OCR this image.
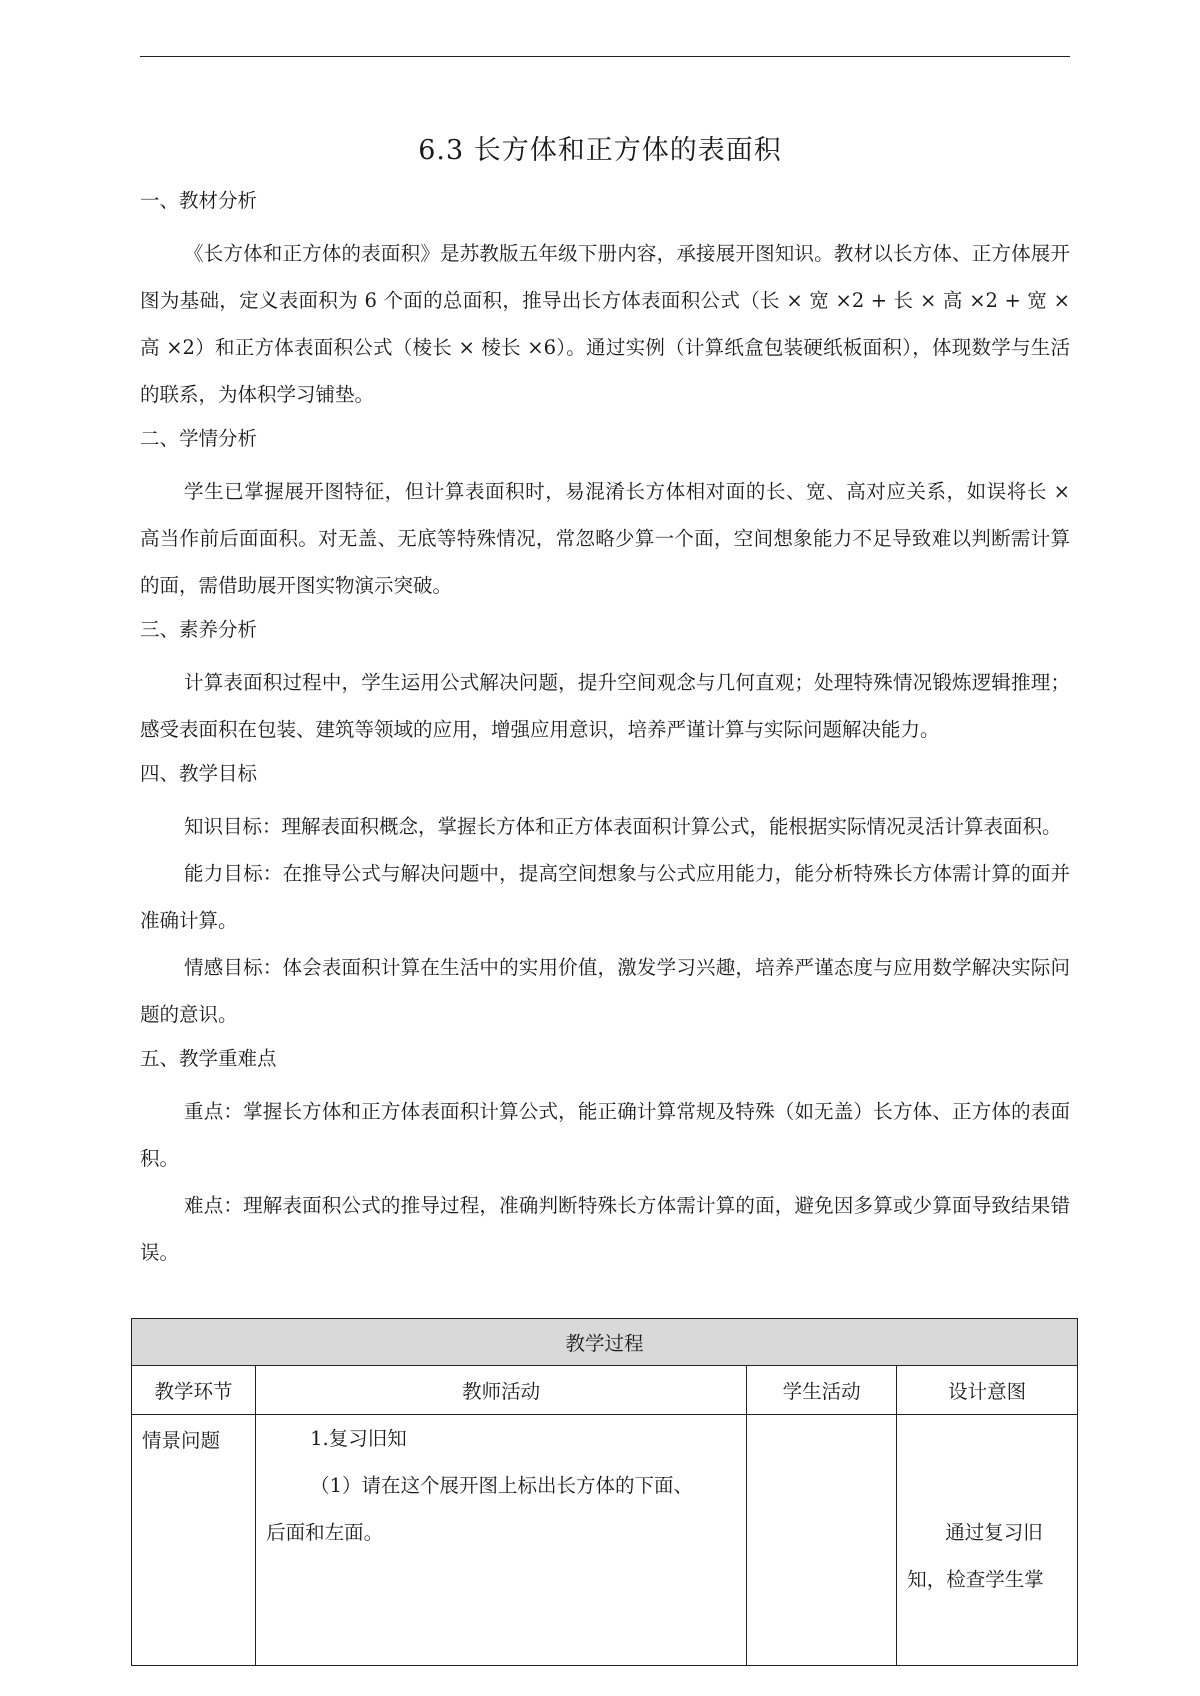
6.3 长方体和正方体的表面积
一、教材分析

《长方体和正方体的表面积》是苏教版五年级下册内容，承接展开图知识。教材以长方体、正方体展开图为基础，定义表面积为 6 个面的总面积，推导出长方体表面积公式（长 × 宽 ×2 + 长 × 高 ×2 + 宽 × 高 ×2）和正方体表面积公式（棱长 × 棱长 ×6）。通过实例（计算纸盒包装硬纸板面积），体现数学与生活的联系，为体积学习铺垫。

二、学情分析

学生已掌握展开图特征，但计算表面积时，易混淆长方体相对面的长、宽、高对应关系，如误将长 × 高当作前后面面积。对无盖、无底等特殊情况，常忽略少算一个面，空间想象能力不足导致难以判断需计算的面，需借助展开图实物演示突破。

三、素养分析

计算表面积过程中，学生运用公式解决问题，提升空间观念与几何直观；处理特殊情况锻炼逻辑推理；感受表面积在包装、建筑等领域的应用，增强应用意识，培养严谨计算与实际问题解决能力。

四、教学目标

知识目标：理解表面积概念，掌握长方体和正方体表面积计算公式，能根据实际情况灵活计算表面积。

能力目标：在推导公式与解决问题中，提高空间想象与公式应用能力，能分析特殊长方体需计算的面并准确计算。

情感目标：体会表面积计算在生活中的实用价值，激发学习兴趣，培养严谨态度与应用数学解决实际问题的意识。

五、教学重难点

重点：掌握长方体和正方体表面积计算公式，能正确计算常规及特殊（如无盖）长方体、正方体的表面积。

难点：理解表面积公式的推导过程，准确判断特殊长方体需计算的面，避免因多算或少算面导致结果错误。

教学过程			
教学环节	教师活动	学生活动	设计意图
情景问题	1.复习旧知
（1）请在这个展开图上标出长方体的下面、
后面和左面。		通过复习旧知，检查学生掌
